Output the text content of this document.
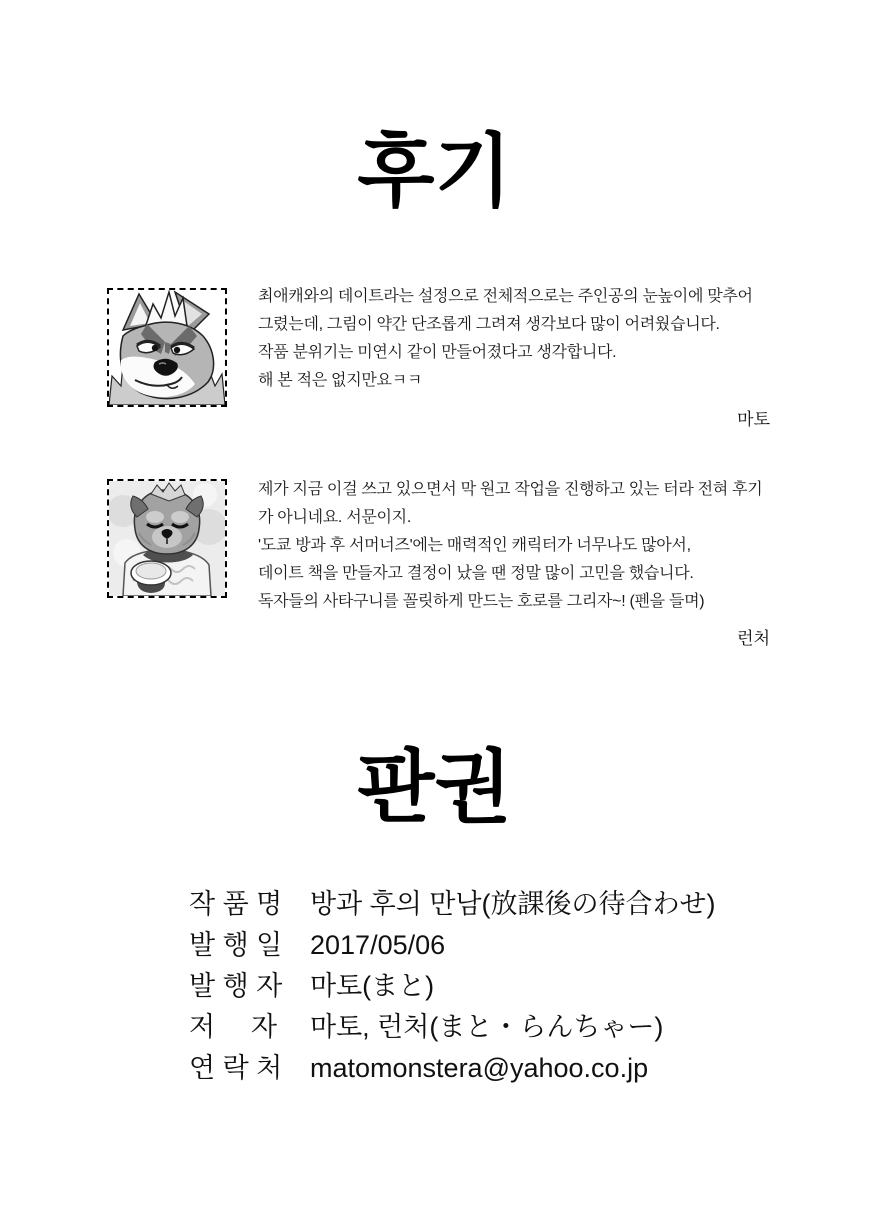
후기
최애캐와의 데이트라는 설정으로 전체적으로는 주인공의 눈높이에 맞추어
그렸는데, 그림이 약간 단조롭게 그려져 생각보다 많이 어려웠습니다.
작품 분위기는 미연시 같이 만들어졌다고 생각합니다.
해 본 적은 없지만요ㅋㅋ
마토
제가 지금 이걸 쓰고 있으면서 막 원고 작업을 진행하고 있는 터라 전혀 후기
가 아니네요. 서문이지.
'도쿄 방과 후 서머너즈'에는 매력적인 캐릭터가 너무나도 많아서,
데이트 책을 만들자고 결정이 났을 땐 정말 많이 고민을 했습니다.
독자들의 사타구니를 꼴릿하게 만드는 호로를 그리자~! (펜을 들며)
런처
판권
작 품 명 방과 후의 만남(放課後の待合わせ)
발 행 일 2017/05/06
발 행 자 마토(まと)
저 자 마토, 런처(まと・らんちゃー)
연 락 처 matomonstera@yahoo.co.jp
